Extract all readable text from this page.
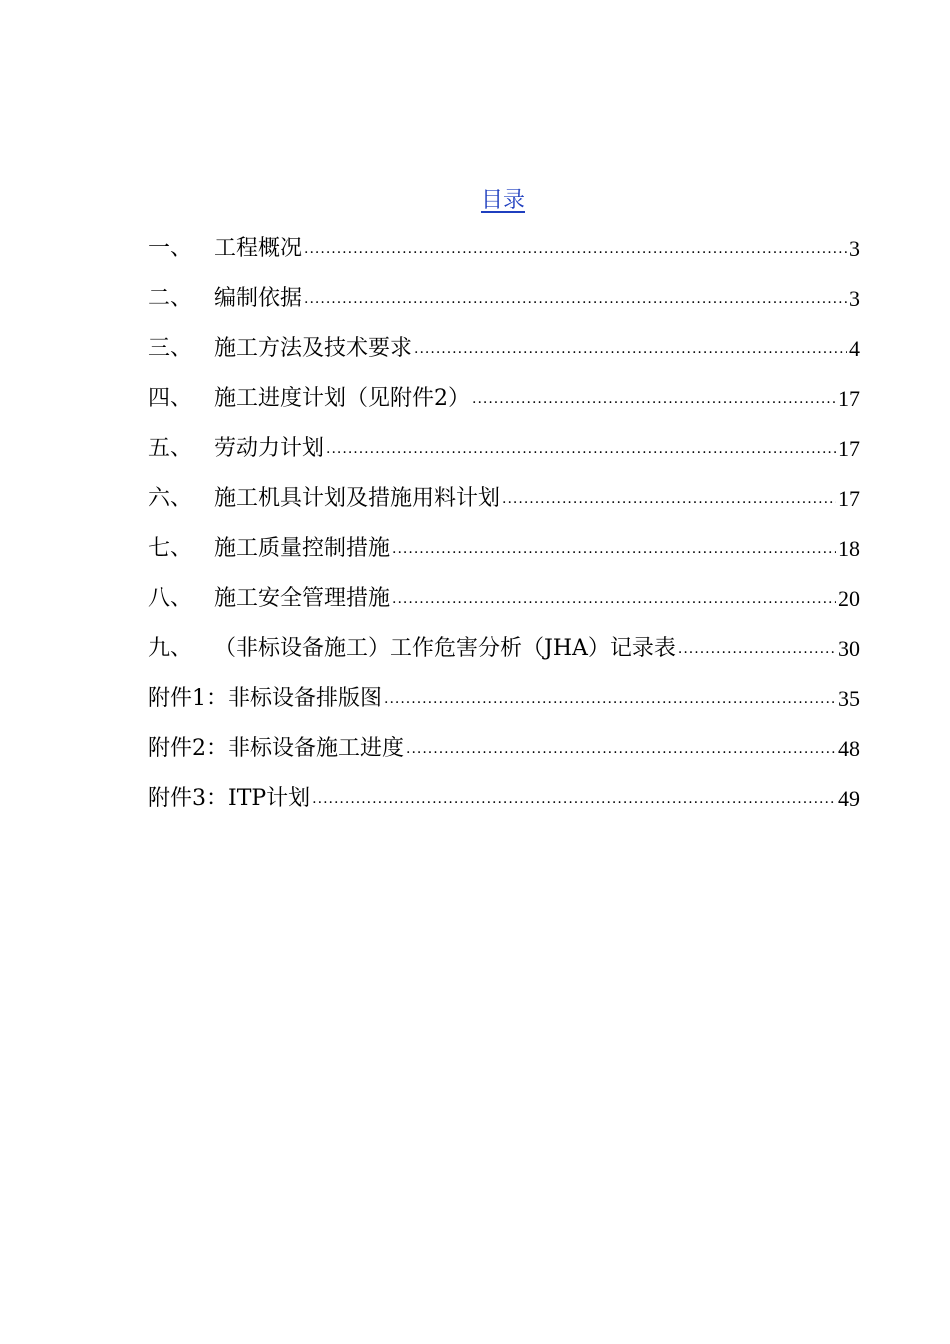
目录
一、 工程概况 .....	3
二、 编制依据 .....	3
三、 施工方法及技术要求 .....	4
四、 施工进度计划（见附件2） .....	17
五、 劳动力计划 .....	17
六、 施工机具计划及措施用料计划 .....	17
七、 施工质量控制措施 .....	18
八、 施工安全管理措施 .....	20
九、 （非标设备施工）工作危害分析（JHA）记录表 .....	30
附件1：非标设备排版图 .....	35
附件2：非标设备施工进度 .....	48
附件3：ITP计划 .....	49
